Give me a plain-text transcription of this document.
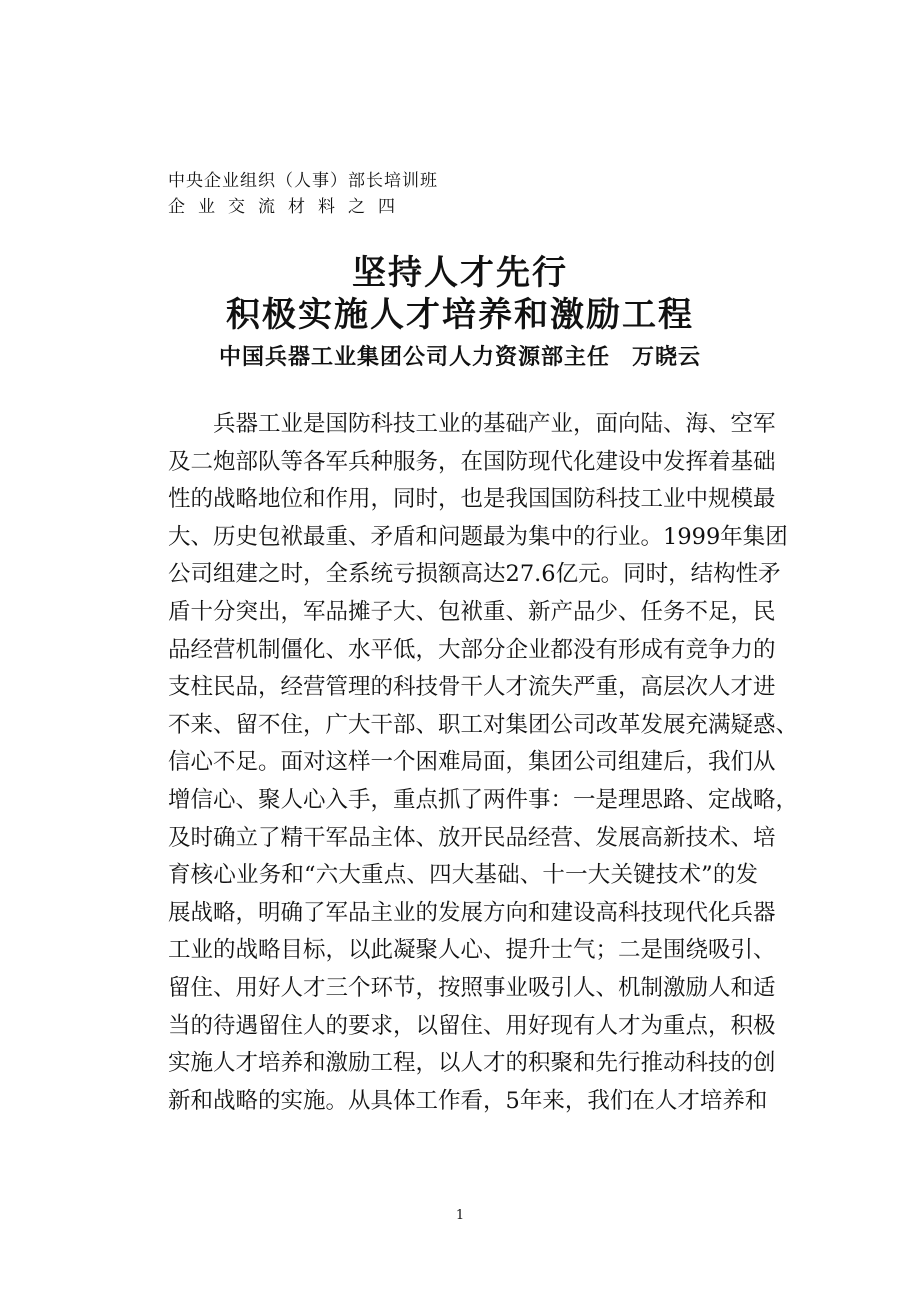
中央企业组织（人事）部长培训班
企业交流材料之四
坚持人才先行
积极实施人才培养和激励工程
中国兵器工业集团公司人力资源部主任 万晓云
兵器工业是国防科技工业的基础产业，面向陆、海、空军
及二炮部队等各军兵种服务，在国防现代化建设中发挥着基础
性的战略地位和作用，同时，也是我国国防科技工业中规模最
大、历史包袱最重、矛盾和问题最为集中的行业。1999年集团
公司组建之时，全系统亏损额高达27.6亿元。同时，结构性矛
盾十分突出，军品摊子大、包袱重、新产品少、任务不足，民
品经营机制僵化、水平低，大部分企业都没有形成有竞争力的
支柱民品，经营管理的科技骨干人才流失严重，高层次人才进
不来、留不住，广大干部、职工对集团公司改革发展充满疑惑、
信心不足。面对这样一个困难局面，集团公司组建后，我们从
增信心、聚人心入手，重点抓了两件事：一是理思路、定战略，
及时确立了精干军品主体、放开民品经营、发展高新技术、培
育核心业务和“六大重点、四大基础、十一大关键技术”的发
展战略，明确了军品主业的发展方向和建设高科技现代化兵器
工业的战略目标，以此凝聚人心、提升士气；二是围绕吸引、
留住、用好人才三个环节，按照事业吸引人、机制激励人和适
当的待遇留住人的要求，以留住、用好现有人才为重点，积极
实施人才培养和激励工程，以人才的积聚和先行推动科技的创
新和战略的实施。从具体工作看，5年来，我们在人才培养和
1
